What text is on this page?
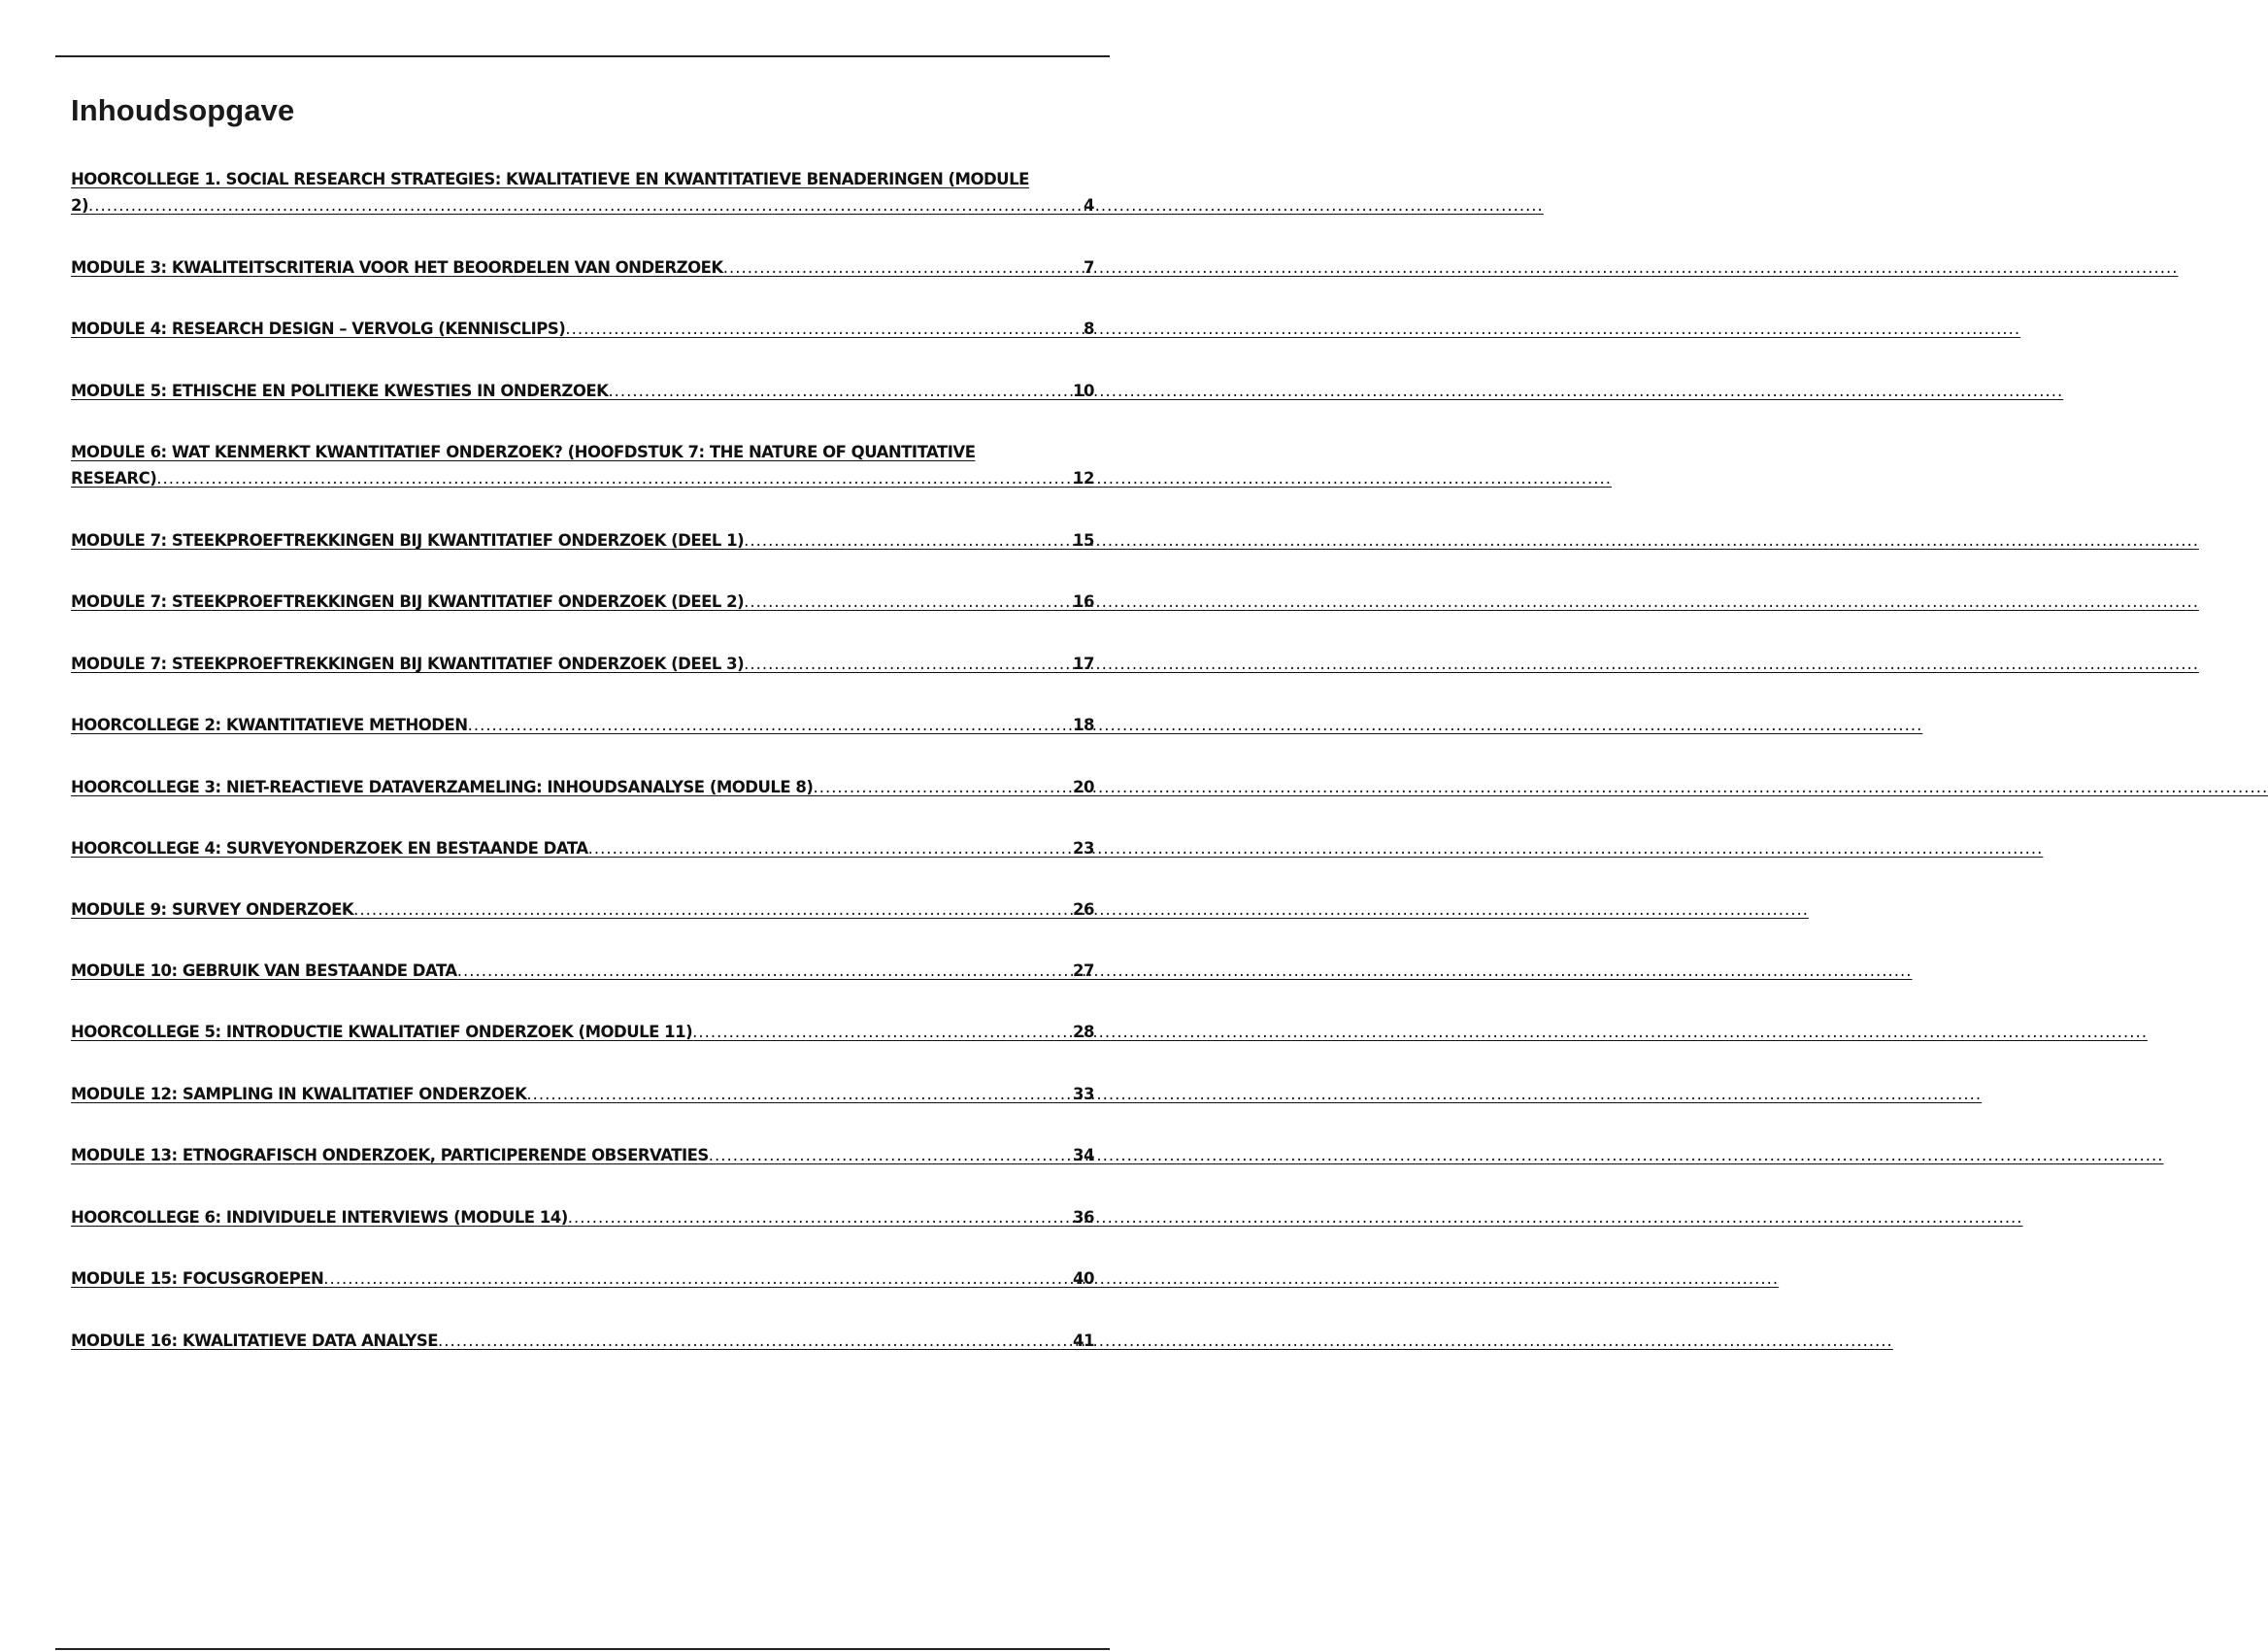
Inhoudsopgave
HOORCOLLEGE 1. SOCIAL RESEARCH STRATEGIES: KWALITATIEVE EN KWANTITATIEVE BENADERINGEN (MODULE
2) .....	4
MODULE 3: KWALITEITSCRITERIA VOOR HET BEOORDELEN VAN ONDERZOEK .....	7
MODULE 4: RESEARCH DESIGN – VERVOLG (KENNISCLIPS) .....	8
MODULE 5: ETHISCHE EN POLITIEKE KWESTIES IN ONDERZOEK .....	10
MODULE 6: WAT KENMERKT KWANTITATIEF ONDERZOEK? (HOOFDSTUK 7: THE NATURE OF QUANTITATIVE
RESEARC) .....	12
MODULE 7: STEEKPROEFTREKKINGEN BIJ KWANTITATIEF ONDERZOEK (DEEL 1) .....	15
MODULE 7: STEEKPROEFTREKKINGEN BIJ KWANTITATIEF ONDERZOEK (DEEL 2) .....	16
MODULE 7: STEEKPROEFTREKKINGEN BIJ KWANTITATIEF ONDERZOEK (DEEL 3) .....	17
HOORCOLLEGE 2: KWANTITATIEVE METHODEN .....	18
HOORCOLLEGE 3: NIET-REACTIEVE DATAVERZAMELING: INHOUDSANALYSE (MODULE 8) .....	20
HOORCOLLEGE 4: SURVEYONDERZOEK EN BESTAANDE DATA .....	23
MODULE 9: SURVEY ONDERZOEK .....	26
MODULE 10: GEBRUIK VAN BESTAANDE DATA .....	27
HOORCOLLEGE 5: INTRODUCTIE KWALITATIEF ONDERZOEK (MODULE 11) .....	28
MODULE 12: SAMPLING IN KWALITATIEF ONDERZOEK .....	33
MODULE 13: ETNOGRAFISCH ONDERZOEK, PARTICIPERENDE OBSERVATIES .....	34
HOORCOLLEGE 6: INDIVIDUELE INTERVIEWS (MODULE 14) .....	36
MODULE 15: FOCUSGROEPEN .....	40
MODULE 16: KWALITATIEVE DATA ANALYSE .....	41
